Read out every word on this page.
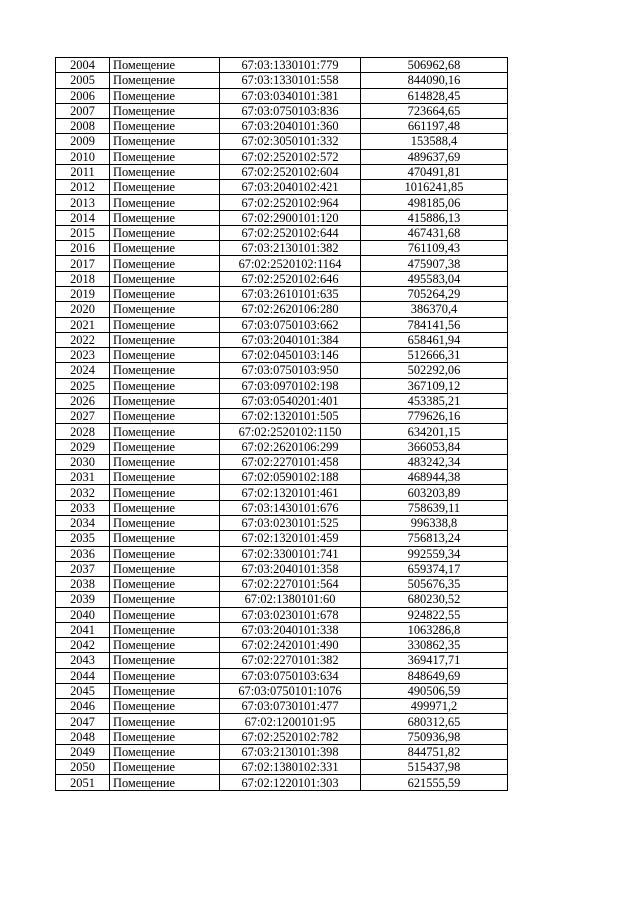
2004	Помещение	67:03:1330101:779	506962,68
2005	Помещение	67:03:1330101:558	844090,16
2006	Помещение	67:03:0340101:381	614828,45
2007	Помещение	67:03:0750103:836	723664,65
2008	Помещение	67:03:2040101:360	661197,48
2009	Помещение	67:02:3050101:332	153588,4
2010	Помещение	67:02:2520102:572	489637,69
2011	Помещение	67:02:2520102:604	470491,81
2012	Помещение	67:03:2040102:421	1016241,85
2013	Помещение	67:02:2520102:964	498185,06
2014	Помещение	67:02:2900101:120	415886,13
2015	Помещение	67:02:2520102:644	467431,68
2016	Помещение	67:03:2130101:382	761109,43
2017	Помещение	67:02:2520102:1164	475907,38
2018	Помещение	67:02:2520102:646	495583,04
2019	Помещение	67:03:2610101:635	705264,29
2020	Помещение	67:02:2620106:280	386370,4
2021	Помещение	67:03:0750103:662	784141,56
2022	Помещение	67:03:2040101:384	658461,94
2023	Помещение	67:02:0450103:146	512666,31
2024	Помещение	67:03:0750103:950	502292,06
2025	Помещение	67:03:0970102:198	367109,12
2026	Помещение	67:03:0540201:401	453385,21
2027	Помещение	67:02:1320101:505	779626,16
2028	Помещение	67:02:2520102:1150	634201,15
2029	Помещение	67:02:2620106:299	366053,84
2030	Помещение	67:02:2270101:458	483242,34
2031	Помещение	67:02:0590102:188	468944,38
2032	Помещение	67:02:1320101:461	603203,89
2033	Помещение	67:03:1430101:676	758639,11
2034	Помещение	67:03:0230101:525	996338,8
2035	Помещение	67:02:1320101:459	756813,24
2036	Помещение	67:02:3300101:741	992559,34
2037	Помещение	67:03:2040101:358	659374,17
2038	Помещение	67:02:2270101:564	505676,35
2039	Помещение	67:02:1380101:60	680230,52
2040	Помещение	67:03:0230101:678	924822,55
2041	Помещение	67:03:2040101:338	1063286,8
2042	Помещение	67:02:2420101:490	330862,35
2043	Помещение	67:02:2270101:382	369417,71
2044	Помещение	67:03:0750103:634	848649,69
2045	Помещение	67:03:0750101:1076	490506,59
2046	Помещение	67:03:0730101:477	499971,2
2047	Помещение	67:02:1200101:95	680312,65
2048	Помещение	67:02:2520102:782	750936,98
2049	Помещение	67:03:2130101:398	844751,82
2050	Помещение	67:02:1380102:331	515437,98
2051	Помещение	67:02:1220101:303	621555,59
